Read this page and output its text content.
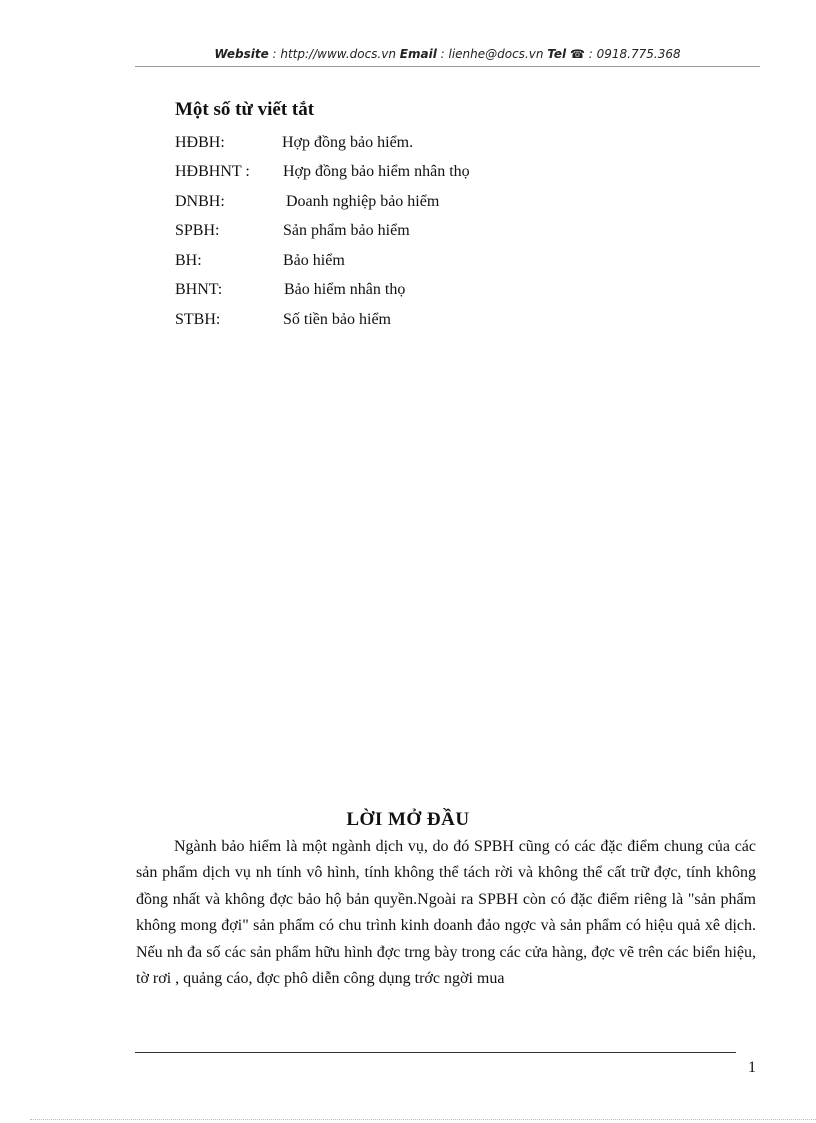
Website : http://www.docs.vn Email : lienhe@docs.vn Tel ☎ : 0918.775.368
Một số từ viết tắt
HĐBH:	Hợp đồng bảo hiểm.
HĐBHNT : Hợp đồng bảo hiểm nhân thọ
DNBH:	Doanh nghiệp bảo hiểm
SPBH:	Sản phẩm bảo hiểm
BH:	Bảo hiểm
BHNT:	Bảo hiểm nhân thọ
STBH:	Số tiền bảo hiểm
LỜI MỞ ĐẦU
Ngành bảo hiểm là một ngành dịch vụ, do đó SPBH cũng có các đặc điểm chung của các sản phẩm dịch vụ nh tính vô hình, tính không thể tách rời và không thể cất trữ đợc, tính không đồng nhất và không đợc bảo hộ bản quyền.Ngoài ra SPBH còn có đặc điểm riêng là "sản phẩm không mong đợi" sản phẩm có chu trình kinh doanh đảo ngợc và sản phẩm có hiệu quả xê dịch. Nếu nh đa số các sản phẩm hữu hình đợc trng bày trong các cửa hàng, đợc vẽ trên các biển hiệu, tờ rơi , quảng cáo, đợc phô diễn công dụng trớc ngời mua
1
